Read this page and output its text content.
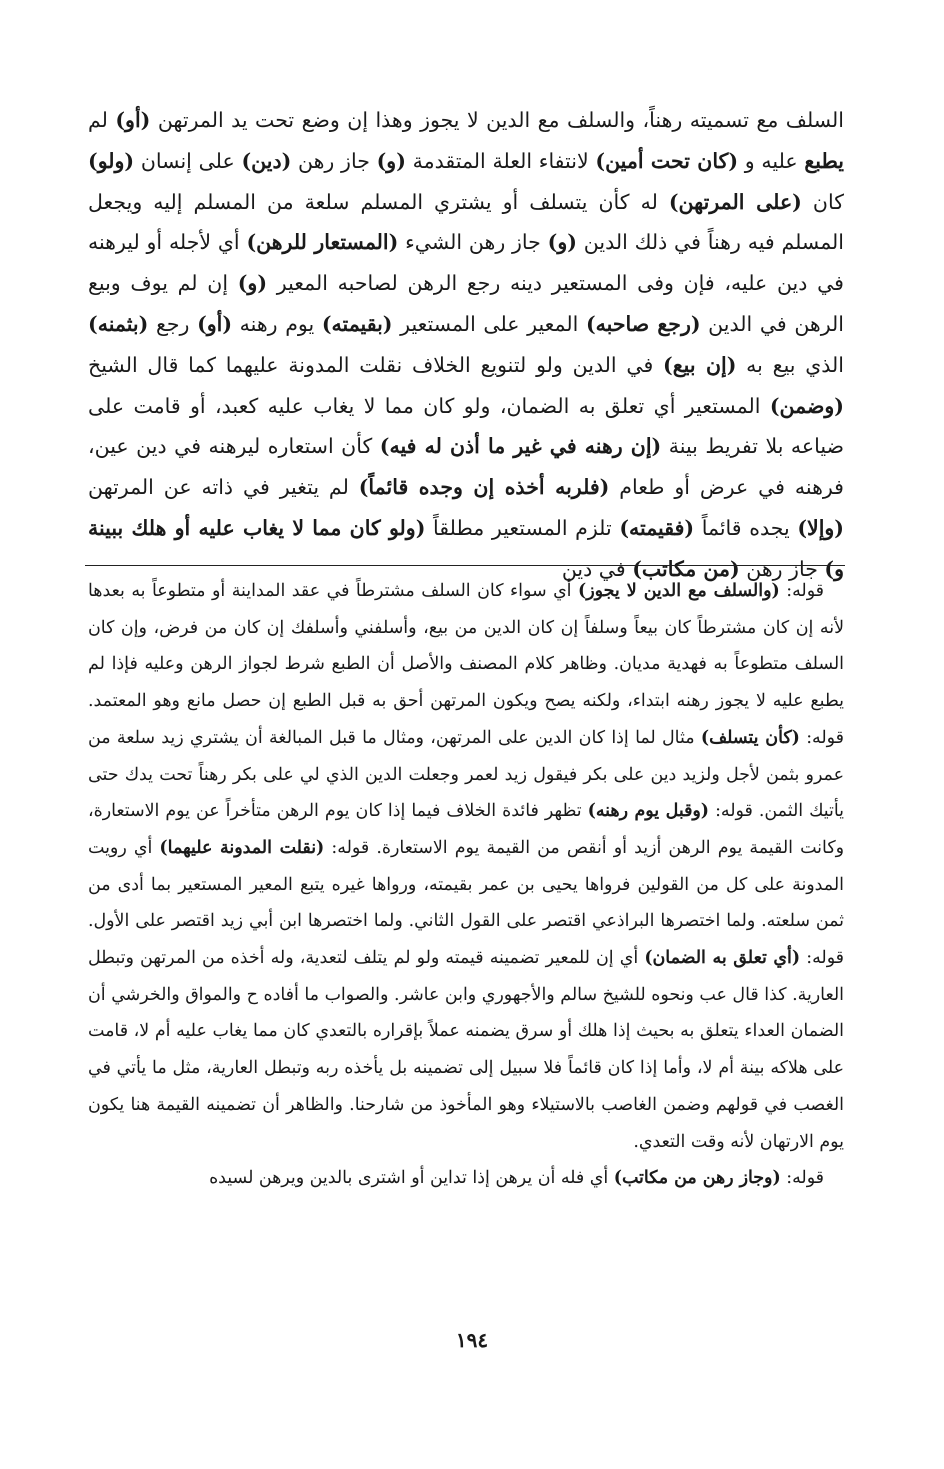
السلف مع تسميته رهناً، والسلف مع الدين لا يجوز وهذا إن وضع تحت يد المرتهن (أو) لم يطبع عليه و (كان تحت أمين) لانتفاء العلة المتقدمة (و) جاز رهن (دين) على إنسان (ولو) كان (على المرتهن) له كأن يتسلف أو يشتري المسلم سلعة من المسلم إليه ويجعل المسلم فيه رهناً في ذلك الدين (و) جاز رهن الشيء (المستعار للرهن) أي لأجله أو ليرهنه في دين عليه، فإن وفى المستعير دينه رجع الرهن لصاحبه المعير (و) إن لم يوف وبيع الرهن في الدين (رجع صاحبه) المعير على المستعير (بقيمته) يوم رهنه (أو) رجع (بثمنه) الذي بيع به (إن بيع) في الدين ولو لتنويع الخلاف نقلت المدونة عليهما كما قال الشيخ (وضمن) المستعير أي تعلق به الضمان، ولو كان مما لا يغاب عليه كعبد، أو قامت على ضياعه بلا تفريط بينة (إن رهنه في غير ما أذن له فيه) كأن استعاره ليرهنه في دين عين، فرهنه في عرض أو طعام (فلربه أخذه إن وجده قائماً) لم يتغير في ذاته عن المرتهن (وإلا) يجده قائماً (فقيمته) تلزم المستعير مطلقاً (ولو كان مما لا يغاب عليه أو هلك ببينة و) جاز رهن (من مكاتب) في دين

قوله: (والسلف مع الدين لا يجوز) أي سواء كان السلف مشترطاً في عقد المداينة أو متطوعاً به بعدها لأنه إن كان مشترطاً كان بيعاً وسلفاً إن كان الدين من بيع، وأسلفني وأسلفك إن كان من فرض، وإن كان السلف متطوعاً به فهدية مديان. وظاهر كلام المصنف والأصل أن الطبع شرط لجواز الرهن وعليه فإذا لم يطبع عليه لا يجوز رهنه ابتداء، ولكنه يصح ويكون المرتهن أحق به قبل الطبع إن حصل مانع وهو المعتمد. قوله: (كأن يتسلف) مثال لما إذا كان الدين على المرتهن، ومثال ما قبل المبالغة أن يشتري زيد سلعة من عمرو بثمن لأجل ولزيد دين على بكر فيقول زيد لعمر وجعلت الدين الذي لي على بكر رهناً تحت يدك حتى يأتيك الثمن. قوله: (وقبل يوم رهنه) تظهر فائدة الخلاف فيما إذا كان يوم الرهن متأخراً عن يوم الاستعارة، وكانت القيمة يوم الرهن أزيد أو أنقص من القيمة يوم الاستعارة. قوله: (نقلت المدونة عليهما) أي رويت المدونة على كل من القولين فرواها يحيى بن عمر بقيمته، ورواها غيره يتبع المعير المستعير بما أدى من ثمن سلعته. ولما اختصرها البراذعي اقتصر على القول الثاني. ولما اختصرها ابن أبي زيد اقتصر على الأول. قوله: (أي تعلق به الضمان) أي إن للمعير تضمينه قيمته ولو لم يتلف لتعدية، وله أخذه من المرتهن وتبطل العارية. كذا قال عب ونحوه للشيخ سالم والأجهوري وابن عاشر. والصواب ما أفاده ح والمواق والخرشي أن الضمان العداء يتعلق به بحيث إذا هلك أو سرق يضمنه عملاً بإقراره بالتعدي كان مما يغاب عليه أم لا، قامت على هلاكه بينة أم لا، وأما إذا كان قائماً فلا سبيل إلى تضمينه بل يأخذه ربه وتبطل العارية، مثل ما يأتي في الغصب في قولهم وضمن الغاصب بالاستيلاء وهو المأخوذ من شارحنا. والظاهر أن تضمينه القيمة هنا يكون يوم الارتهان لأنه وقت التعدي.

قوله: (وجاز رهن من مكاتب) أي فله أن يرهن إذا تداين أو اشترى بالدين ويرهن لسيده

١٩٤
